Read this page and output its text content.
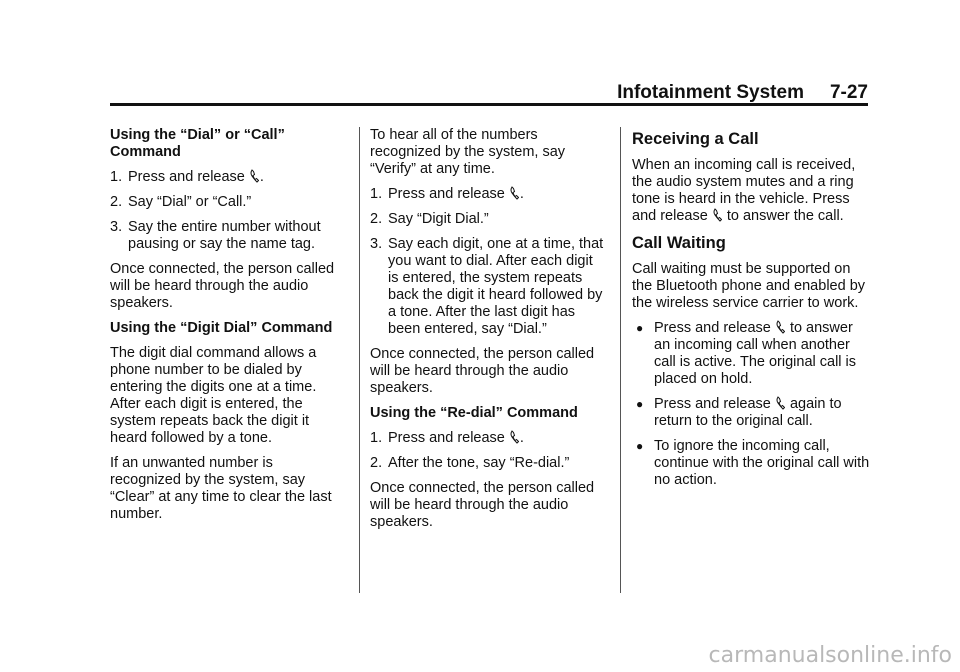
Infotainment System 7-27

Using the “Dial” or “Call” Command

1. Press and release .
2. Say “Dial” or “Call.”
3. Say the entire number without pausing or say the name tag.

Once connected, the person called will be heard through the audio speakers.

Using the “Digit Dial” Command

The digit dial command allows a phone number to be dialed by entering the digits one at a time. After each digit is entered, the system repeats back the digit it heard followed by a tone.

If an unwanted number is recognized by the system, say “Clear” at any time to clear the last number.

To hear all of the numbers recognized by the system, say “Verify” at any time.

1. Press and release .
2. Say “Digit Dial.”
3. Say each digit, one at a time, that you want to dial. After each digit is entered, the system repeats back the digit it heard followed by a tone. After the last digit has been entered, say “Dial.”

Once connected, the person called will be heard through the audio speakers.

Using the “Re-dial” Command

1. Press and release .
2. After the tone, say “Re-dial.”

Once connected, the person called will be heard through the audio speakers.

Receiving a Call

When an incoming call is received, the audio system mutes and a ring tone is heard in the vehicle. Press and release to answer the call.

Call Waiting

Call waiting must be supported on the Bluetooth phone and enabled by the wireless service carrier to work.

● Press and release to answer an incoming call when another call is active. The original call is placed on hold.
● Press and release again to return to the original call.
● To ignore the incoming call, continue with the original call with no action.
carmanualsonline.info
